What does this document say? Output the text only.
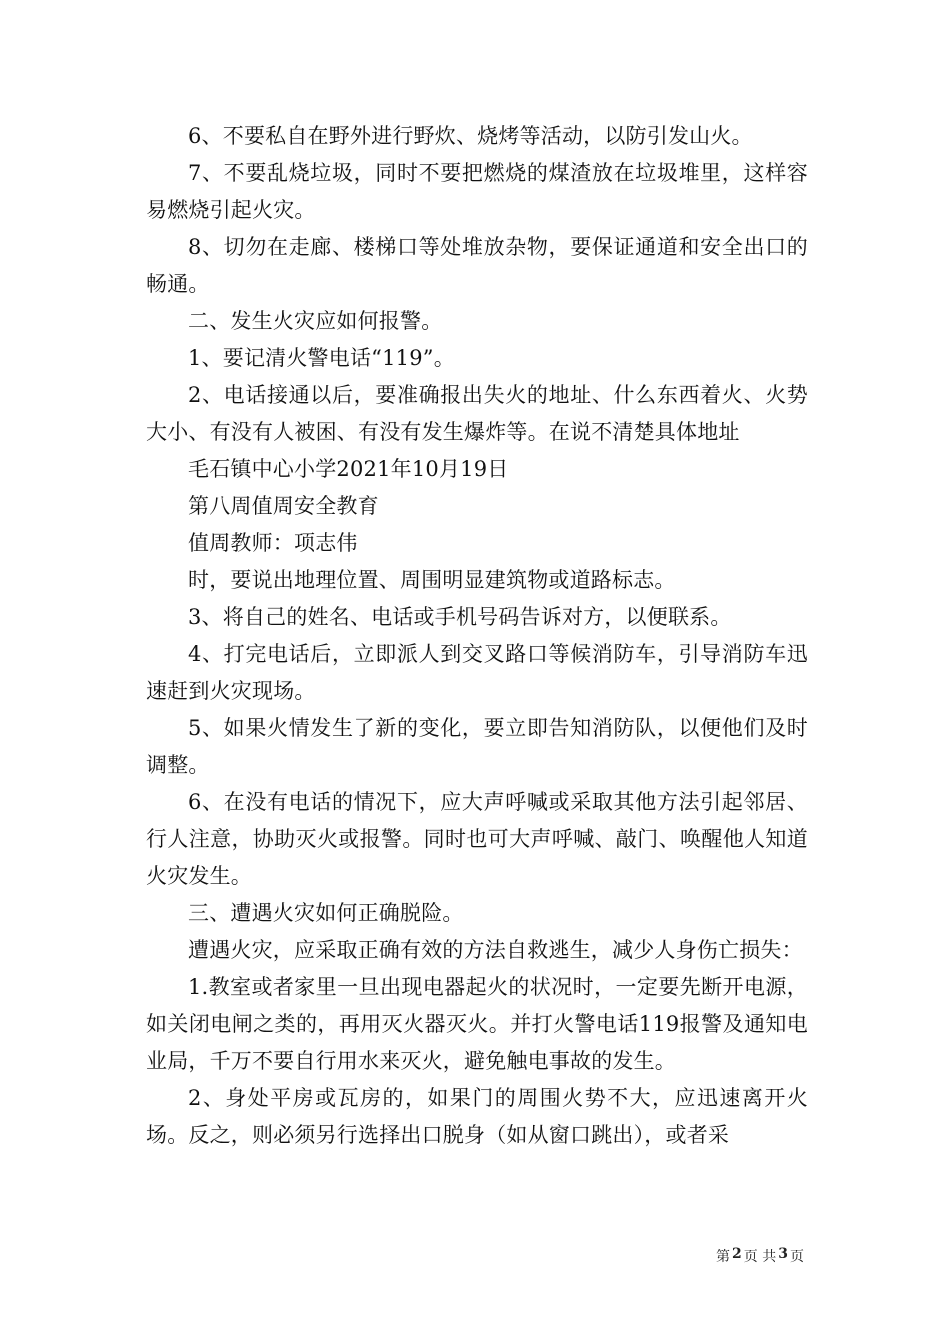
6、不要私自在野外进行野炊、烧烤等活动，以防引发山火。

7、不要乱烧垃圾，同时不要把燃烧的煤渣放在垃圾堆里，这样容易燃烧引起火灾。

8、切勿在走廊、楼梯口等处堆放杂物，要保证通道和安全出口的畅通。

二、发生火灾应如何报警。

1、要记清火警电话“119”。

2、电话接通以后，要准确报出失火的地址、什么东西着火、火势大小、有没有人被困、有没有发生爆炸等。在说不清楚具体地址

毛石镇中心小学2021年10月19日

第八周值周安全教育

值周教师：项志伟

时，要说出地理位置、周围明显建筑物或道路标志。

3、将自己的姓名、电话或手机号码告诉对方，以便联系。

4、打完电话后，立即派人到交叉路口等候消防车，引导消防车迅速赶到火灾现场。

5、如果火情发生了新的变化，要立即告知消防队，以便他们及时调整。

6、在没有电话的情况下，应大声呼喊或采取其他方法引起邻居、行人注意，协助灭火或报警。同时也可大声呼喊、敲门、唤醒他人知道火灾发生。

三、遭遇火灾如何正确脱险。

遭遇火灾，应采取正确有效的方法自救逃生，减少人身伤亡损失：

1.教室或者家里一旦出现电器起火的状况时，一定要先断开电源，如关闭电闸之类的，再用灭火器灭火。并打火警电话119报警及通知电业局，千万不要自行用水来灭火，避免触电事故的发生。

2、身处平房或瓦房的，如果门的周围火势不大，应迅速离开火场。反之，则必须另行选择出口脱身（如从窗口跳出），或者采

第 2 页 共 3 页
